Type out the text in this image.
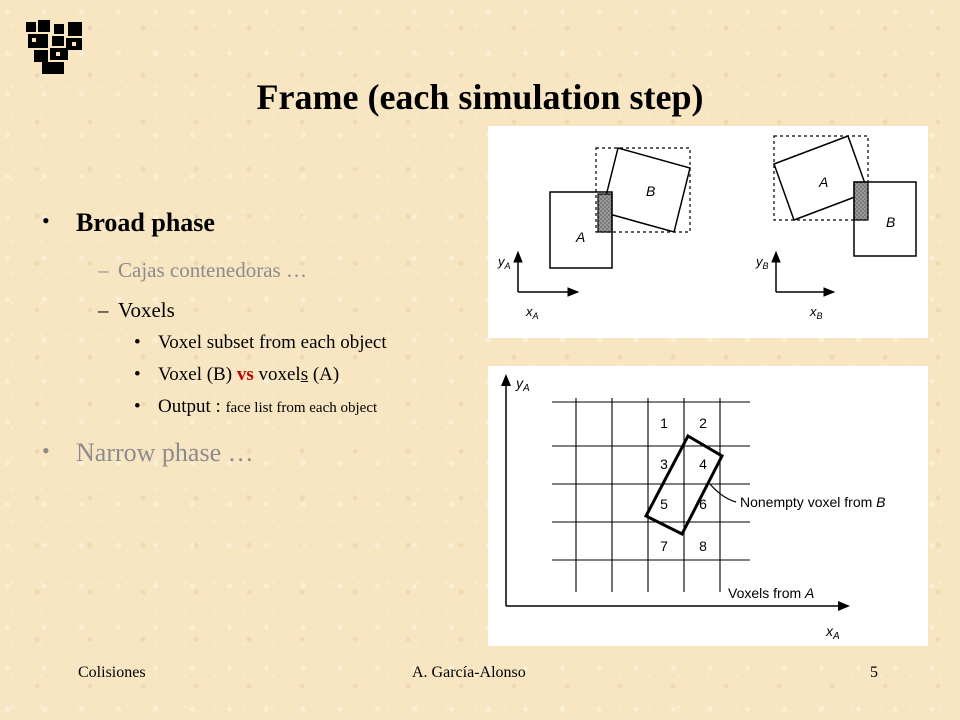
Frame (each simulation step)
• Broad phase
– Cajas contenedoras …
– Voxels
• Voxel subset from each object
• Voxel (B) vs voxels (A)
• Output : face list from each object
• Narrow phase …
B
A
$y_A$
$x_A$
A
B
$y_B$
$x_B$
1 2
3 4
5 6
7 8
Nonempty voxel from B
$y_A$
$x_A$
Voxels from A
Colisiones	A. García-Alonso	5
